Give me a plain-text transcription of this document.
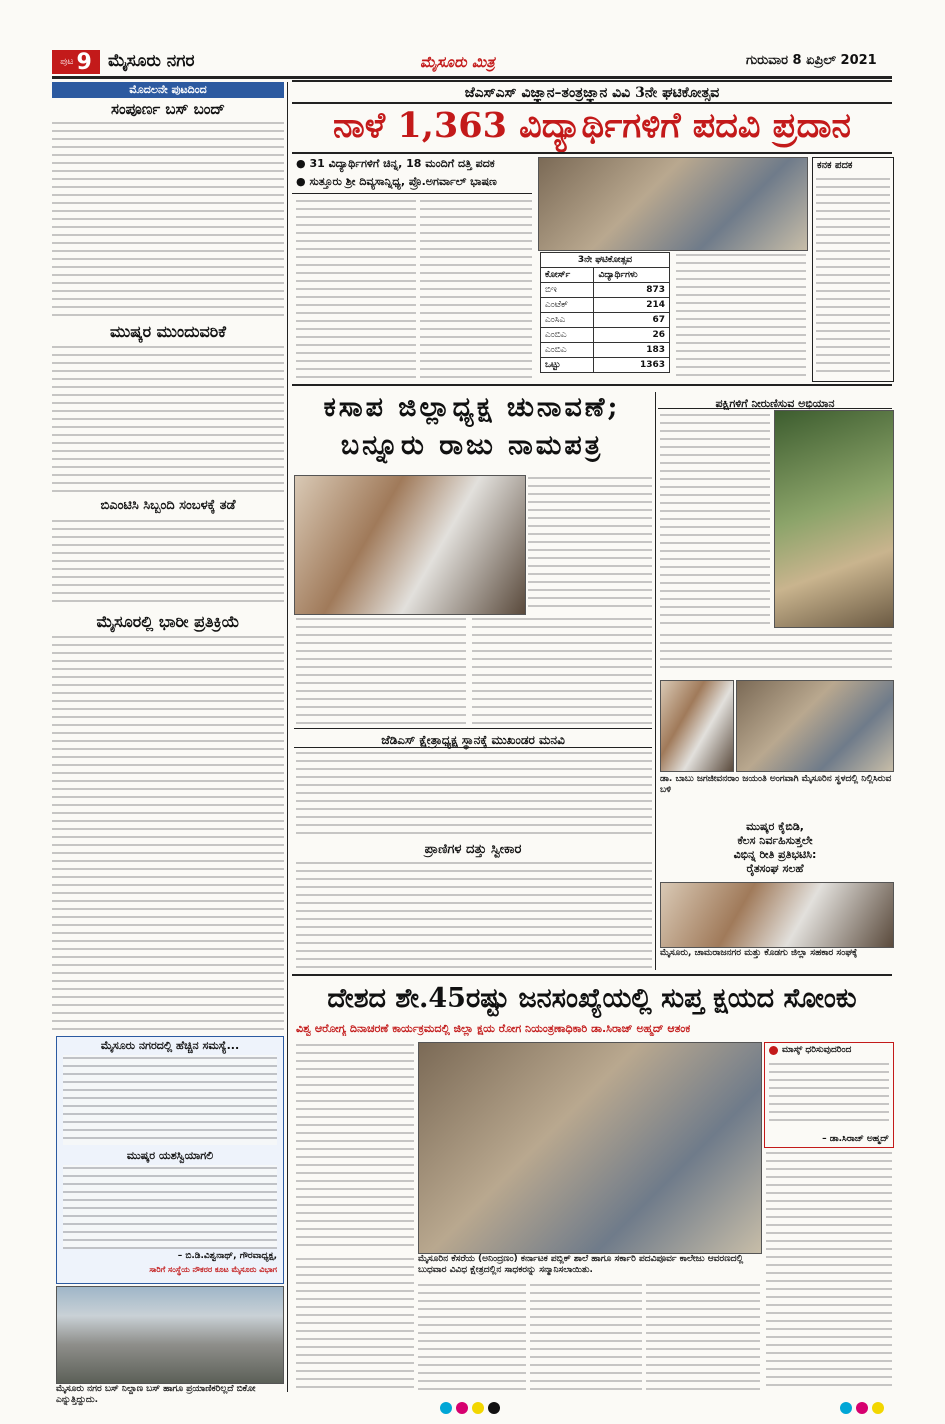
ಪುಟ 9 ಮೈಸೂರು ನಗರ	ಮೈಸೂರು ಮಿತ್ರ	ಗುರುವಾರ 8 ಏಪ್ರಿಲ್ 2021
ಮೊದಲನೇ ಪುಟದಿಂದ
ಸಂಪೂರ್ಣ ಬಸ್ ಬಂದ್
ಮುಷ್ಕರ ಮುಂದುವರಿಕೆ
ಬಿಎಂಟಿಸಿ ಸಿಬ್ಬಂದಿ ಸಂಬಳಕ್ಕೆ ತಡೆ
ಮೈಸೂರಲ್ಲಿ ಭಾರೀ ಪ್ರತಿಕ್ರಿಯೆ
ಮೈಸೂರು ನಗರದಲ್ಲಿ ಹೆಚ್ಚಿನ ಸಮಸ್ಯೆ...
ಮುಷ್ಕರ ಯಶಸ್ವಿಯಾಗಲಿ
– ಬಿ.ಡಿ.ವಿಶ್ವನಾಥ್, ಗೌರವಾಧ್ಯಕ್ಷ,
ಸಾರಿಗೆ ಸಂಸ್ಥೆಯ ನೌಕರರ ಕೂಟ ಮೈಸೂರು ವಿಭಾಗ
ಮೈಸೂರು ನಗರ ಬಸ್ ನಿಲ್ದಾಣ ಬಸ್ ಹಾಗೂ ಪ್ರಯಾಣಿಕರಿಲ್ಲದೆ ಬಿಕೋ ಎನ್ನುತ್ತಿದ್ದುದು.
ಜೆಎಸ್‌ಎಸ್ ವಿಜ್ಞಾನ–ತಂತ್ರಜ್ಞಾನ ವಿವಿ 3ನೇ ಘಟಿಕೋತ್ಸವ
ನಾಳೆ 1,363 ವಿದ್ಯಾರ್ಥಿಗಳಿಗೆ ಪದವಿ ಪ್ರದಾನ
● 31 ವಿದ್ಯಾರ್ಥಿಗಳಿಗೆ ಚಿನ್ನ, 18 ಮಂದಿಗೆ ದತ್ತಿ ಪದಕ
● ಸುತ್ತೂರು ಶ್ರೀ ದಿವ್ಯಸಾನ್ನಿಧ್ಯ, ಪ್ರೊ.ಅಗರ್ವಾಲ್ ಭಾಷಣ
3ನೇ ಘಟಿಕೋತ್ಸವ	
ಕೋರ್ಸ್	ವಿದ್ಯಾರ್ಥಿಗಳು
ಬಿಇ	873
ಎಂಟೆಕ್	214
ಎಂಸಿಎ	67
ಎಂಬಿಎ	26
ಎಂಬಿಎ	183
ಒಟ್ಟು	1363
ಕನಕ ಪದಕ
ಕಸಾಪ ಜಿಲ್ಲಾಧ್ಯಕ್ಷ ಚುನಾವಣೆ;
ಬನ್ನೂರು ರಾಜು ನಾಮಪತ್ರ
ಜೆಡಿಎಸ್ ಕ್ಷೇತ್ರಾಧ್ಯಕ್ಷ ಸ್ಥಾನಕ್ಕೆ ಮುಖಂಡರ ಮನವಿ
ಪ್ರಾಣಿಗಳ ದತ್ತು ಸ್ವೀಕಾರ
ಪಕ್ಷಿಗಳಿಗೆ ನೀರುಣಿಸುವ ಅಭಿಯಾನ
ಡಾ. ಬಾಬು ಜಗಜೀವನರಾಂ ಜಯಂತಿ ಅಂಗವಾಗಿ ಮೈಸೂರಿನ ಸ್ಥಳದಲ್ಲಿ ನಿಲ್ಲಿಸಿರುವ ಬಳಿ
ಮುಷ್ಕರ ಕೈಬಿಡಿ,
ಕೆಲಸ ನಿರ್ವಹಿಸುತ್ತಲೇ
ವಿಭಿನ್ನ ರೀತಿ ಪ್ರತಿಭಟಿಸಿ:
ರೈತಸಂಘ ಸಲಹೆ
ಮೈಸೂರು, ಚಾಮರಾಜನಗರ ಮತ್ತು ಕೊಡಗು ಜಿಲ್ಲಾ ಸಹಕಾರ ಸಂಘಕ್ಕೆ
ದೇಶದ ಶೇ.45ರಷ್ಟು ಜನಸಂಖ್ಯೆಯಲ್ಲಿ ಸುಪ್ತ ಕ್ಷಯದ ಸೋಂಕು
ವಿಶ್ವ ಆರೋಗ್ಯ ದಿನಾಚರಣೆ ಕಾರ್ಯಕ್ರಮದಲ್ಲಿ ಜಿಲ್ಲಾ ಕ್ಷಯ ರೋಗ ನಿಯಂತ್ರಣಾಧಿಕಾರಿ ಡಾ.ಸಿರಾಜ್ ಅಹ್ಮದ್ ಆತಂಕ
ಮೈಸೂರಿನ ಕೆಸರೆಯ (ಅನಿಂದ್ರಣಂ) ಕರ್ನಾಟಕ ಪಬ್ಲಿಕ್ ಶಾಲೆ ಹಾಗೂ ಸರ್ಕಾರಿ ಪದವಿಪೂರ್ವ ಕಾಲೇಜು ಆವರಣದಲ್ಲಿ ಬುಧವಾರ ವಿವಿಧ ಕ್ಷೇತ್ರದಲ್ಲಿನ ಸಾಧಕರನ್ನು ಸನ್ಮಾನಿಸಲಾಯಿತು.
ಮಾಸ್ಕ್ ಧರಿಸುವುದರಿಂದ
– ಡಾ.ಸಿರಾಜ್ ಅಹ್ಮದ್
